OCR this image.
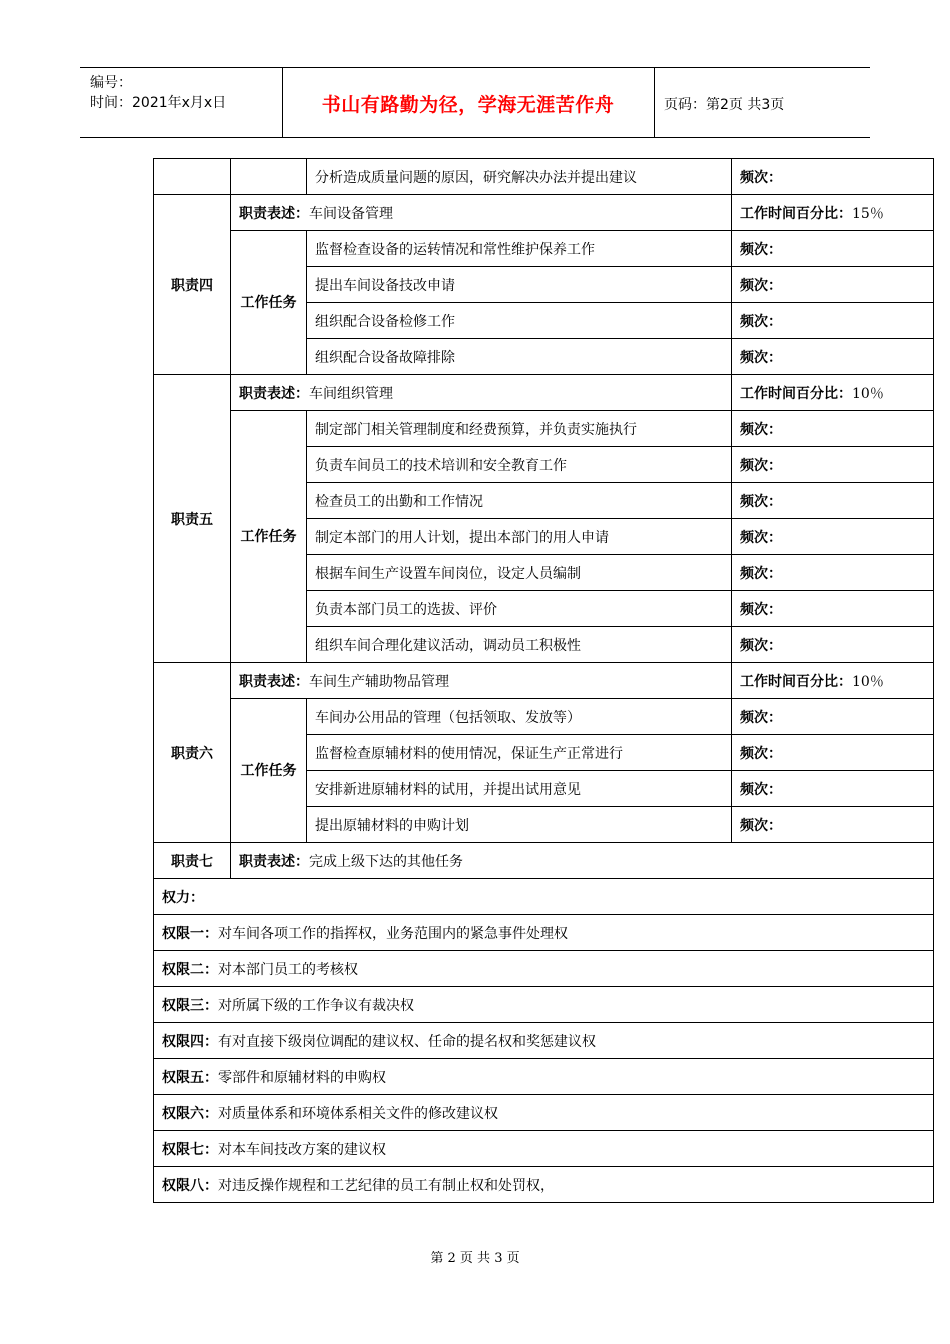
编号：
时间：2021年x月x日	书山有路勤为径，学海无涯苦作舟	页码：第2页 共3页
		分析造成质量问题的原因，研究解决办法并提出建议	频次：
职责四	职责表述：车间设备管理		工作时间百分比：15％
	工作任务	监督检查设备的运转情况和常性维护保养工作	频次：
		提出车间设备技改申请	频次：
		组织配合设备检修工作	频次：
		组织配合设备故障排除	频次：
职责五	职责表述：车间组织管理		工作时间百分比：10％
	工作任务	制定部门相关管理制度和经费预算，并负责实施执行	频次：
		负责车间员工的技术培训和安全教育工作	频次：
		检查员工的出勤和工作情况	频次：
		制定本部门的用人计划，提出本部门的用人申请	频次：
		根据车间生产设置车间岗位，设定人员编制	频次：
		负责本部门员工的选拔、评价	频次：
		组织车间合理化建议活动，调动员工积极性	频次：
职责六	职责表述：车间生产辅助物品管理		工作时间百分比：10％
	工作任务	车间办公用品的管理（包括领取、发放等）	频次：
		监督检查原辅材料的使用情况，保证生产正常进行	频次：
		安排新进原辅材料的试用，并提出试用意见	频次：
		提出原辅材料的申购计划	频次：
职责七	职责表述：完成上级下达的其他任务		
权力：			
权限一：对车间各项工作的指挥权，业务范围内的紧急事件处理权			
权限二：对本部门员工的考核权			
权限三：对所属下级的工作争议有裁决权			
权限四：有对直接下级岗位调配的建议权、任命的提名权和奖惩建议权			
权限五：零部件和原辅材料的申购权			
权限六：对质量体系和环境体系相关文件的修改建议权			
权限七：对本车间技改方案的建议权			
权限八：对违反操作规程和工艺纪律的员工有制止权和处罚权，			
第 2 页 共 3 页
